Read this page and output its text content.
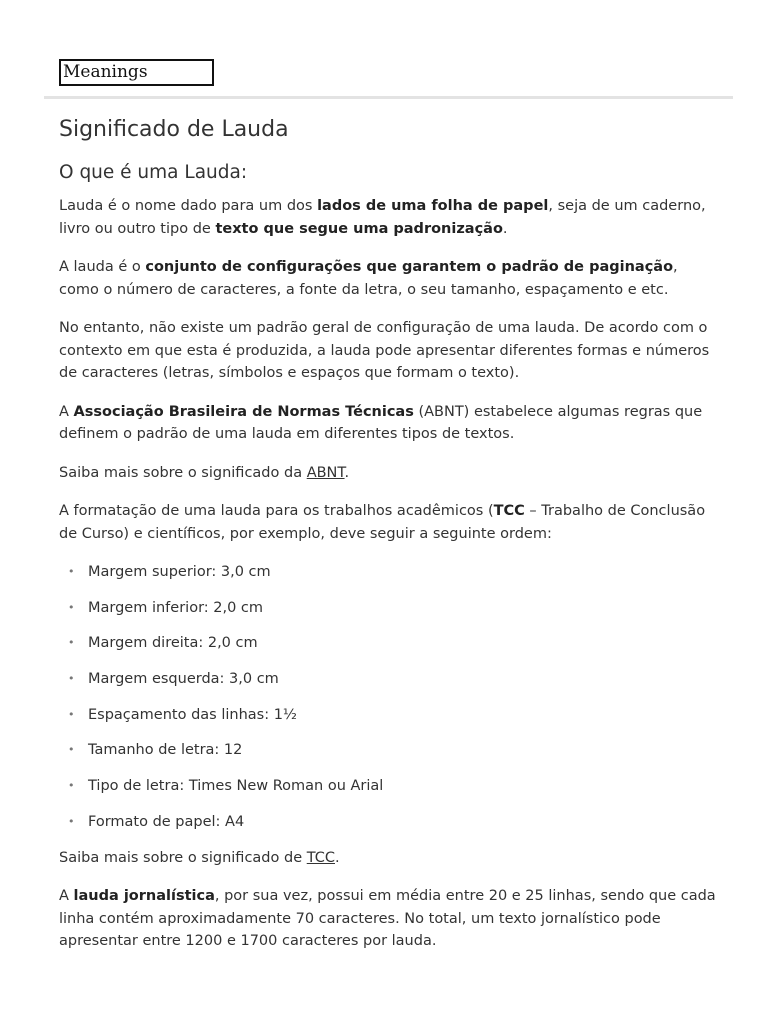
Meanings
Significado de Lauda
O que é uma Lauda:

Lauda é o nome dado para um dos lados de uma folha de papel, seja de um caderno, livro ou outro tipo de texto que segue uma padronização.

A lauda é o conjunto de configurações que garantem o padrão de paginação, como o número de caracteres, a fonte da letra, o seu tamanho, espaçamento e etc.

No entanto, não existe um padrão geral de configuração de uma lauda. De acordo com o contexto em que esta é produzida, a lauda pode apresentar diferentes formas e números de caracteres (letras, símbolos e espaços que formam o texto).

A Associação Brasileira de Normas Técnicas (ABNT) estabelece algumas regras que definem o padrão de uma lauda em diferentes tipos de textos.

Saiba mais sobre o significado da ABNT.

A formatação de uma lauda para os trabalhos acadêmicos (TCC – Trabalho de Conclusão de Curso) e científicos, por exemplo, deve seguir a seguinte ordem:

• Margem superior: 3,0 cm
• Margem inferior: 2,0 cm
• Margem direita: 2,0 cm
• Margem esquerda: 3,0 cm
• Espaçamento das linhas: 1½
• Tamanho de letra: 12
• Tipo de letra: Times New Roman ou Arial
• Formato de papel: A4

Saiba mais sobre o significado de TCC.

A lauda jornalística, por sua vez, possui em média entre 20 e 25 linhas, sendo que cada linha contém aproximadamente 70 caracteres. No total, um texto jornalístico pode apresentar entre 1200 e 1700 caracteres por lauda.
